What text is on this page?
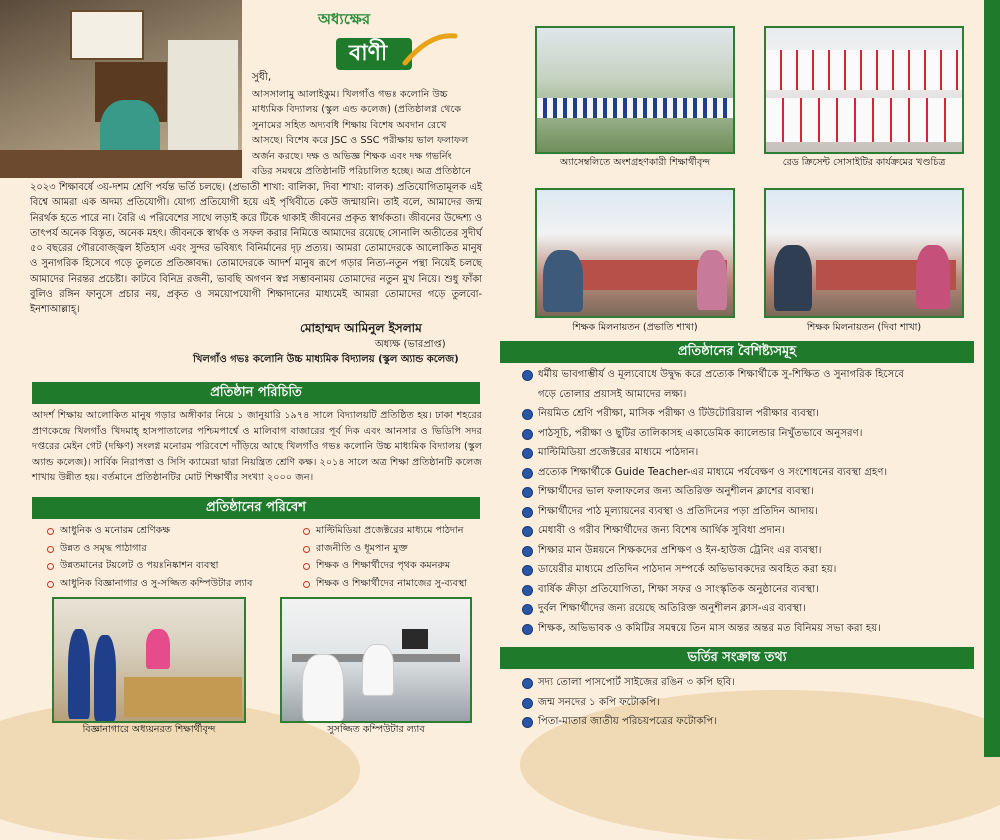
অধ্যক্ষের
বাণী
সুধী,
আসসালামু আলাইকুম। খিলগাঁও গভঃ কলোনি উচ্চ
মাধ্যমিক বিদ্যালয় (স্কুল এন্ড কলেজ) (প্রতিষ্ঠালগ্ন থেকে
সুনামের সহিত অদ্যবধি শিক্ষায় বিশেষ অবদান রেখে
আসছে। বিশেষ করে JSC ও SSC পরীক্ষায় ভাল ফলাফল
অর্জন করছে। দক্ষ ও অভিজ্ঞ শিক্ষক এবং দক্ষ গভর্নিং
বডির সমন্বয়ে প্রতিষ্ঠানটি পরিচালিত হচ্ছে। অত্র প্রতিষ্ঠানে
২০২৩ শিক্ষাবর্ষে ৩য়-দশম শ্রেণি পর্যন্ত ভর্তি চলছে। (প্রভাতী শাখা: বালিকা, দিবা শাখা: বালক) প্রতিযোগিতামূলক এই বিশ্বে আমরা এক অদম্য প্রতিযোগী। যোগ্য প্রতিযোগী হয়ে এই পৃথিবীতে কেউ জন্মায়নি। তাই বলে, আমাদের জন্ম নিরর্থক হতে পারে না। বৈরি এ পরিবেশের সাথে লড়াই করে টিকে থাকাই জীবনের প্রকৃত স্বার্থকতা। জীবনের উদ্দেশ্য ও তাৎপর্য অনেক বিস্তৃত, অনেক মহৎ। জীবনকে স্বার্থক ও সফল করার নিমিত্তে আমাদের রয়েছে সোনালি অতীতের সুদীর্ঘ ৫০ বছরের গৌরবোজ্জ্বল ইতিহাস এবং সুন্দর ভবিষ্যৎ বিনির্মানের দৃঢ় প্রত্যয়। আমরা তোমাদেরকে আলোকিত মানুষ ও সুনাগরিক হিসেবে গড়ে তুলতে প্রতিজ্ঞাবদ্ধ। তোমাদেরকে আদর্শ মানুষ রূপে গড়ার নিত্য-নতুন পন্থা নিয়েই চলছে আমাদের নিরন্তর প্রচেষ্টা। কাটবে বিনিদ্র রজনী, ভাবছি অগণন স্বপ্ন সম্ভাবনাময় তোমাদের নতুন মুখ নিয়ে। শুধু ফাঁকা বুলিও রঙ্গিন ফানুসে প্রচার নয়, প্রকৃত ও সময়োপযোগী শিক্ষাদানের মাধ্যমেই আমরা তোমাদের গড়ে তুলবো-ইনশাআল্লাহ্।
মোহাম্মদ আমিনুল ইসলাম
অধ্যক্ষ (ভারপ্রাপ্ত)
খিলগাঁও গভঃ কলোনি উচ্চ মাধ্যমিক বিদ্যালয় (স্কুল অ্যান্ড কলেজ)
প্রতিষ্ঠান পরিচিতি
আদর্শ শিক্ষায় আলোকিত মানুষ গড়ার অঙ্গীকার নিয়ে ১ জানুয়ারি ১৯৭৪ সালে বিদ্যালয়টি প্রতিষ্ঠিত হয়। ঢাকা শহরের প্রাণকেন্দ্রে খিলগাঁও খিদমাহ্ হাসপাতালের পশ্চিমপার্শ্বে ও মালিবাগ বাজারের পূর্ব দিক এবং আনসার ও ভিডিপি সদর দপ্তরের মেইন গেট (দক্ষিণ) সংলগ্ন মনোরম পরিবেশে দাঁড়িয়ে আছে খিলগাঁও গভঃ কলোনি উচ্চ মাধ্যমিক বিদ্যালয় (স্কুল অ্যান্ড কলেজ)। সার্বিক নিরাপত্তা ও সিসি ক্যামেরা দ্বারা নিয়ন্ত্রিত শ্রেণি কক্ষ। ২০১৪ সালে অত্র শিক্ষা প্রতিষ্ঠানটি কলেজ শাখায় উন্নীত হয়। বর্তমানে প্রতিষ্ঠানটির মোট শিক্ষার্থীর সংখ্যা ২০০০ জন।
প্রতিষ্ঠানের পরিবেশ
আধুনিক ও মনোরম শ্রেণিকক্ষ
উন্নত ও সমৃদ্ধ পাঠাগার
উন্নতমানের টয়লেট ও পয়ঃনিষ্কাশন ব্যবস্থা
আধুনিক বিজ্ঞানাগার ও সু-সজ্জিত কম্পিউটার ল্যাব
মাল্টিমিডিয়া প্রজেক্টরের মাধ্যমে পাঠদান
রাজনীতি ও ধূমপান মুক্ত
শিক্ষক ও শিক্ষার্থীদের পৃথক কমনরুম
শিক্ষক ও শিক্ষার্থীদের নামাজের সু-ব্যবস্থা
বিজ্ঞানাগারে অধ্যয়নরত শিক্ষার্থীবৃন্দ	সুসজ্জিত কম্পিউটার ল্যাব
অ্যাসেম্বলিতে অংশগ্রহণকারী শিক্ষার্থীবৃন্দ	রেড ক্রিসেন্ট সোসাইটির কার্যক্রমের খণ্ডচিত্র
শিক্ষক মিলনায়তন (প্রভাতি শাখা)	শিক্ষক মিলনায়তন (দিবা শাখা)
প্রতিষ্ঠানের বৈশিষ্ট্যসমূহ
ধর্মীয় ভাবগাম্ভীর্য ও মূল্যবোধে উদ্বুদ্ধ করে প্রত্যেক শিক্ষার্থীকে সু-শিক্ষিত ও সুনাগরিক হিসেবে
গড়ে তোলার প্রয়াসই আমাদের লক্ষ্য।
নিয়মিত শ্রেণি পরীক্ষা, মাসিক পরীক্ষা ও টিউটোরিয়াল পরীক্ষার ব্যবস্থা।
পাঠসূচি, পরীক্ষা ও ছুটির তালিকাসহ একাডেমিক ক্যালেন্ডার নিখুঁতভাবে অনুসরণ।
মাল্টিমিডিয়া প্রজেক্টরের মাধ্যমে পাঠদান।
প্রত্যেক শিক্ষার্থীকে Guide Teacher-এর মাধ্যমে পর্যবেক্ষণ ও সংশোধনের ব্যবস্থা গ্রহণ।
শিক্ষার্থীদের ভাল ফলাফলের জন্য অতিরিক্ত অনুশীলন ক্লাশের ব্যবস্থা।
শিক্ষার্থীদের পাঠ মূল্যায়নের ব্যবস্থা ও প্রতিদিনের পড়া প্রতিদিন আদায়।
মেধাবী ও গরীব শিক্ষার্থীদের জন্য বিশেষ আর্থিক সুবিধা প্রদান।
শিক্ষার মান উন্নয়নে শিক্ষকদের প্রশিক্ষণ ও ইন-হাউজ ট্রেনিং এর ব্যবস্থা।
ডায়েরীর মাধ্যমে প্রতিদিন পাঠদান সম্পর্কে অভিভাবকদের অবহিত করা হয়।
বার্ষিক ক্রীড়া প্রতিযোগিতা, শিক্ষা সফর ও সাংস্কৃতিক অনুষ্ঠানের ব্যবস্থা।
দুর্বল শিক্ষার্থীদের জন্য রয়েছে অতিরিক্ত অনুশীলন ক্লাস-এর ব্যবস্থা।
শিক্ষক, অভিভাবক ও কমিটির সমন্বয়ে তিন মাস অন্তর অন্তর মত বিনিময় সভা করা হয়।
ভর্তির সংক্রান্ত তথ্য
সদ্য তোলা পাসপোর্ট সাইজের রঙিন ৩ কপি ছবি।
জন্ম সনদের ১ কপি ফটোকপি।
পিতা-মাতার জাতীয় পরিচয়পত্রের ফটোকপি।
